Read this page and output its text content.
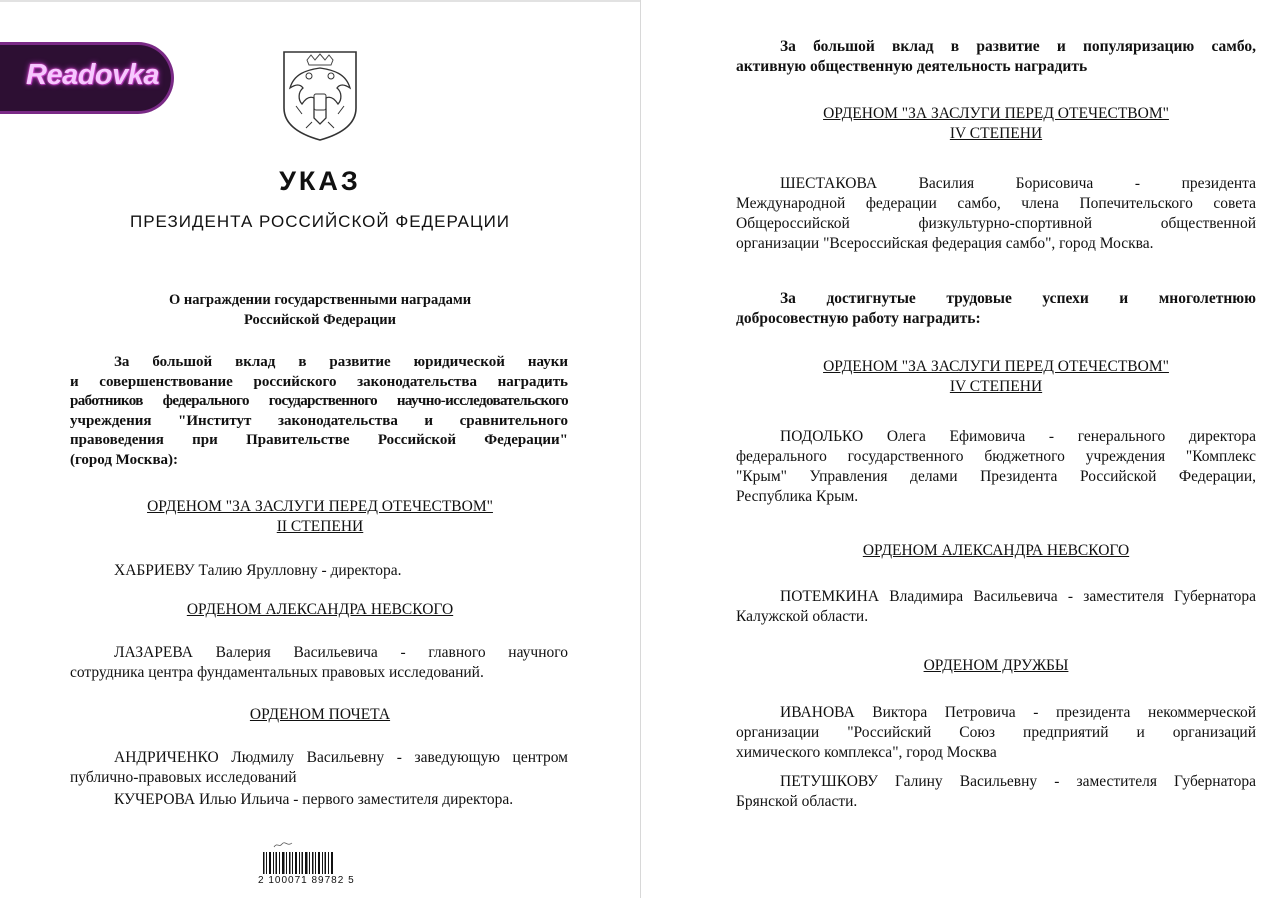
УКАЗ
ПРЕЗИДЕНТА РОССИЙСКОЙ ФЕДЕРАЦИИ
О награждении государственными наградами
Российской Федерации
За большой вклад в развитие юридической науки
и совершенствование российского законодательства наградить
работников федерального государственного научно-исследовательского
учреждения "Институт законодательства и сравнительного
правоведения при Правительстве Российской Федерации"
(город Москва):
ОРДЕНОМ "ЗА ЗАСЛУГИ ПЕРЕД ОТЕЧЕСТВОМ"
II СТЕПЕНИ
ХАБРИЕВУ Талию Ярулловну - директора.
ОРДЕНОМ АЛЕКСАНДРА НЕВСКОГО
ЛАЗАРЕВА Валерия Васильевича - главного научного
сотрудника центра фундаментальных правовых исследований.
ОРДЕНОМ ПОЧЕТА
АНДРИЧЕНКО Людмилу Васильевну - заведующую центром
публично-правовых исследований
КУЧЕРОВА Илью Ильича - первого заместителя директора.
2 100071 89782 5
Readovka
За большой вклад в развитие и популяризацию самбо,
активную общественную деятельность наградить
ОРДЕНОМ "ЗА ЗАСЛУГИ ПЕРЕД ОТЕЧЕСТВОМ"
IV СТЕПЕНИ
ШЕСТАКОВА Василия Борисовича - президента
Международной федерации самбо, члена Попечительского совета
Общероссийской физкультурно-спортивной общественной
организации "Всероссийская федерация самбо", город Москва.
За достигнутые трудовые успехи и многолетнюю
добросовестную работу наградить:
ОРДЕНОМ "ЗА ЗАСЛУГИ ПЕРЕД ОТЕЧЕСТВОМ"
IV СТЕПЕНИ
ПОДОЛЬКО Олега Ефимовича - генерального директора
федерального государственного бюджетного учреждения "Комплекс
"Крым" Управления делами Президента Российской Федерации,
Республика Крым.
ОРДЕНОМ АЛЕКСАНДРА НЕВСКОГО
ПОТЕМКИНА Владимира Васильевича - заместителя Губернатора
Калужской области.
ОРДЕНОМ ДРУЖБЫ
ИВАНОВА Виктора Петровича - президента некоммерческой
организации "Российский Союз предприятий и организаций
химического комплекса", город Москва
ПЕТУШКОВУ Галину Васильевну - заместителя Губернатора
Брянской области.
